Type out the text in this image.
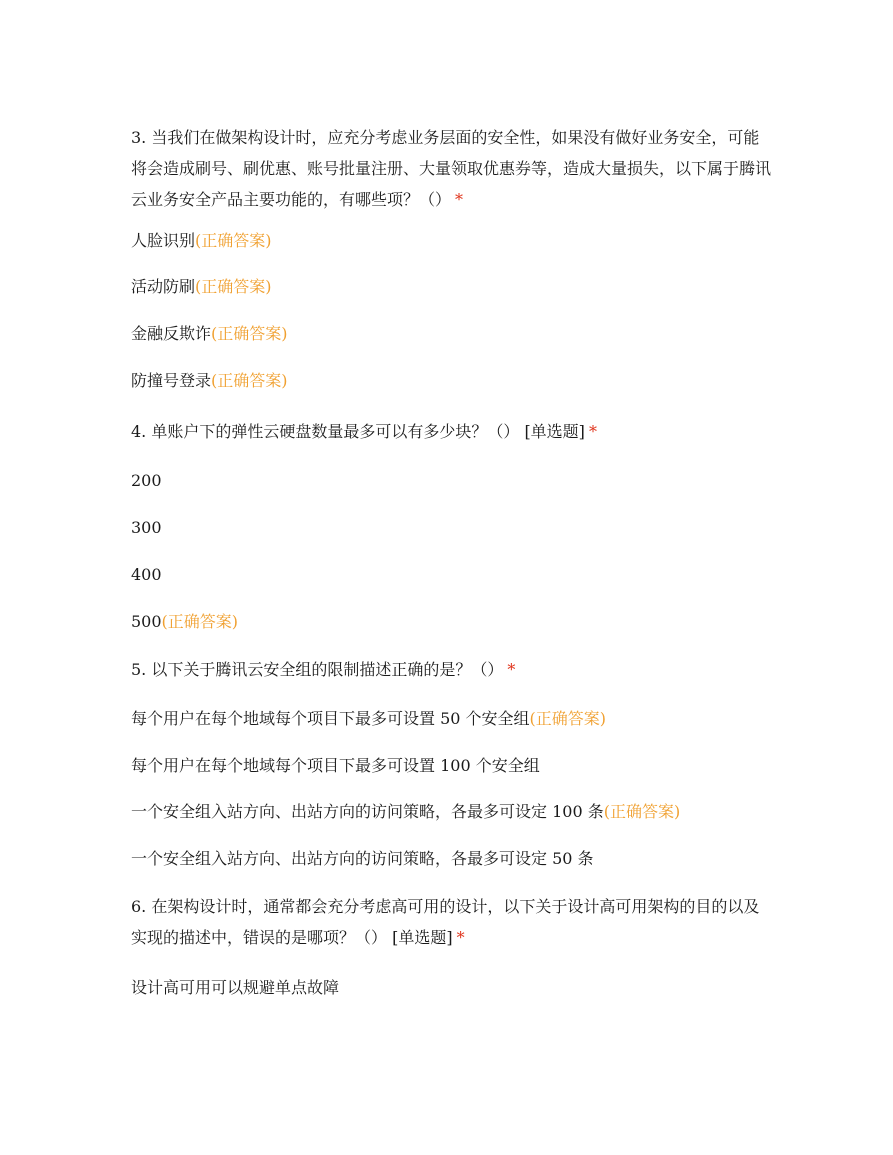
3. 当我们在做架构设计时，应充分考虑业务层面的安全性，如果没有做好业务安全，可能将会造成刷号、刷优惠、账号批量注册、大量领取优惠券等，造成大量损失，以下属于腾讯云业务安全产品主要功能的，有哪些项？（） *

人脸识别(正确答案)

活动防刷(正确答案)

金融反欺诈(正确答案)

防撞号登录(正确答案)

4. 单账户下的弹性云硬盘数量最多可以有多少块？（） [单选题] *

200

300

400

500(正确答案)

5. 以下关于腾讯云安全组的限制描述正确的是？（） *

每个用户在每个地域每个项目下最多可设置 50 个安全组(正确答案)

每个用户在每个地域每个项目下最多可设置 100 个安全组

一个安全组入站方向、出站方向的访问策略，各最多可设定 100 条(正确答案)

一个安全组入站方向、出站方向的访问策略，各最多可设定 50 条

6. 在架构设计时，通常都会充分考虑高可用的设计，以下关于设计高可用架构的目的以及实现的描述中，错误的是哪项？（） [单选题] *

设计高可用可以规避单点故障
